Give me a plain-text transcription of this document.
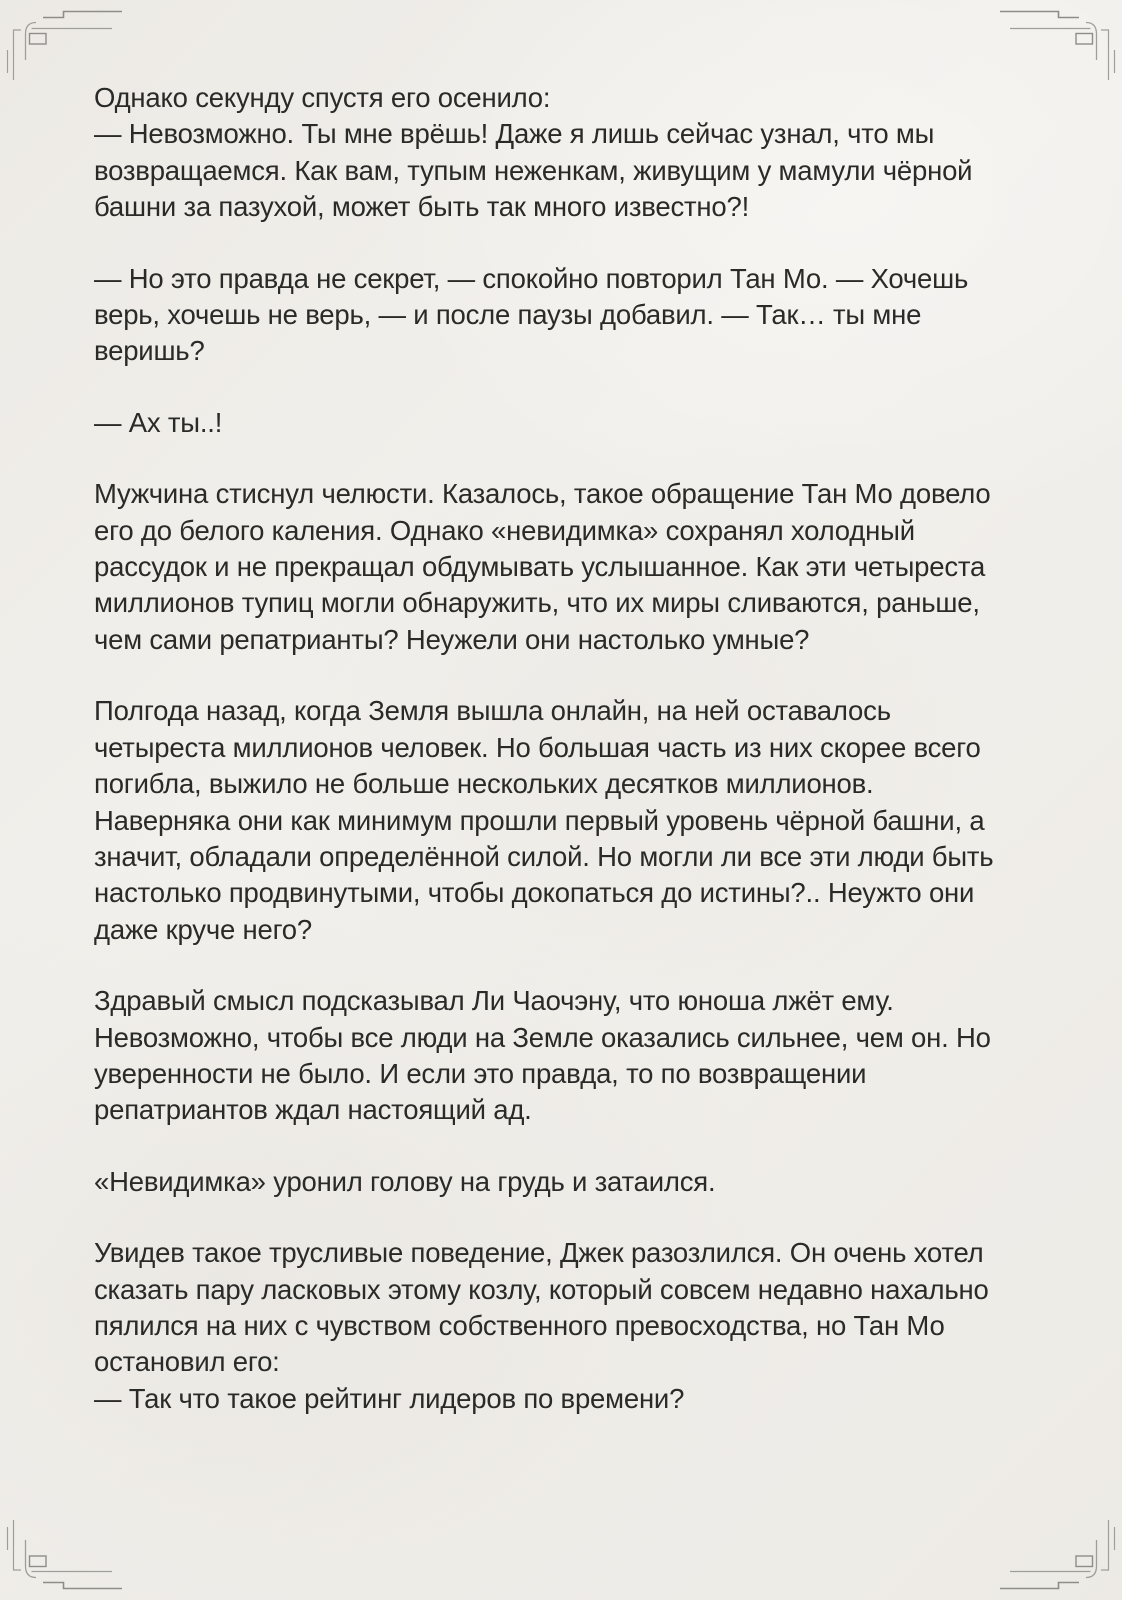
Однако секунду спустя его осенило:

— Невозможно. Ты мне врёшь! Даже я лишь сейчас узнал, что мы возвращаемся. Как вам, тупым неженкам, живущим у мамули чёрной башни за пазухой, может быть так много известно?!

— Но это правда не секрет, — спокойно повторил Тан Мо. — Хочешь верь, хочешь не верь, — и после паузы добавил. — Так… ты мне веришь?

— Ах ты..!

Мужчина стиснул челюсти. Казалось, такое обращение Тан Мо довело его до белого каления. Однако «невидимка» сохранял холодный рассудок и не прекращал обдумывать услышанное. Как эти четыреста миллионов тупиц могли обнаружить, что их миры сливаются, раньше, чем сами репатрианты? Неужели они настолько умные?

Полгода назад, когда Земля вышла онлайн, на ней оставалось четыреста миллионов человек. Но большая часть из них скорее всего погибла, выжило не больше нескольких десятков миллионов. Наверняка они как минимум прошли первый уровень чёрной башни, а значит, обладали определённой силой. Но могли ли все эти люди быть настолько продвинутыми, чтобы докопаться до истины?.. Неужто они даже круче него?

Здравый смысл подсказывал Ли Чаочэну, что юноша лжёт ему. Невозможно, чтобы все люди на Земле оказались сильнее, чем он. Но уверенности не было. И если это правда, то по возвращении репатриантов ждал настоящий ад.

«Невидимка» уронил голову на грудь и затаился.

Увидев такое трусливые поведение, Джек разозлился. Он очень хотел сказать пару ласковых этому козлу, который совсем недавно нахально пялился на них с чувством собственного превосходства, но Тан Мо остановил его:

— Так что такое рейтинг лидеров по времени?
